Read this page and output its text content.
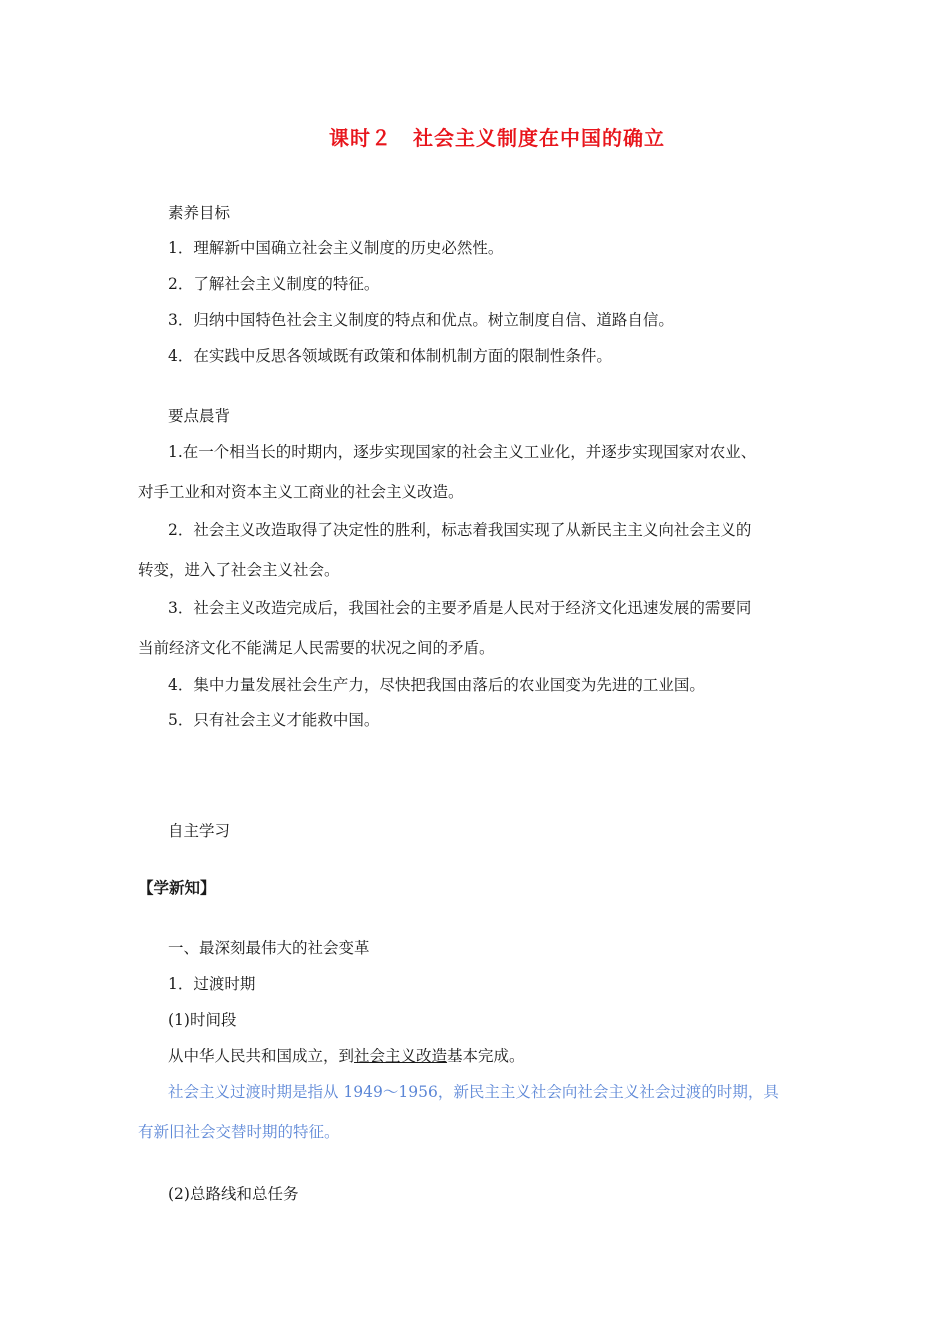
课时２　社会主义制度在中国的确立
素养目标
1．理解新中国确立社会主义制度的历史必然性。
2．了解社会主义制度的特征。
3．归纳中国特色社会主义制度的特点和优点。树立制度自信、道路自信。
4．在实践中反思各领域既有政策和体制机制方面的限制性条件。
要点晨背
1.在一个相当长的时期内，逐步实现国家的社会主义工业化，并逐步实现国家对农业、
对手工业和对资本主义工商业的社会主义改造。
2．社会主义改造取得了决定性的胜利，标志着我国实现了从新民主主义向社会主义的
转变，进入了社会主义社会。
3．社会主义改造完成后，我国社会的主要矛盾是人民对于经济文化迅速发展的需要同
当前经济文化不能满足人民需要的状况之间的矛盾。
4．集中力量发展社会生产力，尽快把我国由落后的农业国变为先进的工业国。
5．只有社会主义才能救中国。
自主学习
【学新知】
一、最深刻最伟大的社会变革
1．过渡时期
(1)时间段
从中华人民共和国成立，到社会主义改造基本完成。
社会主义过渡时期是指从 1949～1956，新民主主义社会向社会主义社会过渡的时期，具
有新旧社会交替时期的特征。
(2)总路线和总任务
